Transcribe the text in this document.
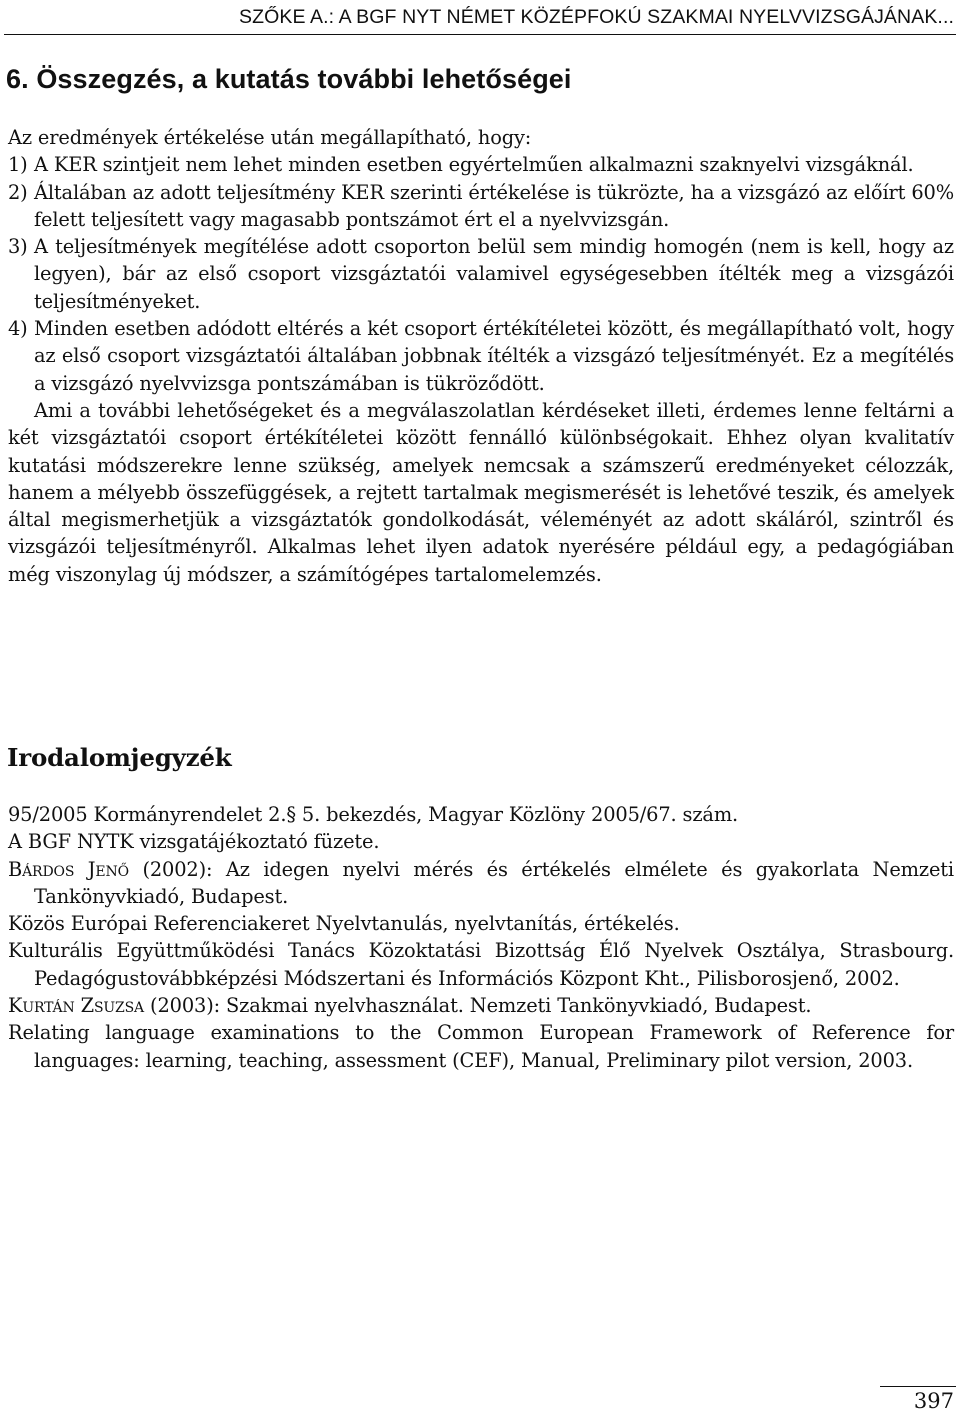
SZŐKE A.: A BGF NYT NÉMET KÖZÉPFOKÚ SZAKMAI NYELVVIZSGÁJÁNAK...
6. Összegzés, a kutatás további lehetőségei

Az eredmények értékelése után megállapítható, hogy:

1) A KER szintjeit nem lehet minden esetben egyértelműen alkalmazni szaknyelvi vizsgáknál.
2) Általában az adott teljesítmény KER szerinti értékelése is tükrözte, ha a vizsgázó az előírt 60% felett teljesített vagy magasabb pontszámot ért el a nyelvvizsgán.
3) A teljesítmények megítélése adott csoporton belül sem mindig homogén (nem is kell, hogy az legyen), bár az első csoport vizsgáztatói valamivel egységesebben ítélték meg a vizsgázói teljesítményeket.
4) Minden esetben adódott eltérés a két csoport értékítéletei között, és megállapítható volt, hogy az első csoport vizsgáztatói általában jobbnak ítélték a vizsgázó teljesítményét. Ez a megítélés a vizsgázó nyelvvizsga pontszámában is tükröződött.

Ami a további lehetőségeket és a megválaszolatlan kérdéseket illeti, érdemes lenne feltárni a két vizsgáztatói csoport értékítéletei között fennálló különbségokait. Ehhez olyan kvalitatív kutatási módszerekre lenne szükség, amelyek nemcsak a számszerű eredményeket célozzák, hanem a mélyebb összefüggések, a rejtett tartalmak megismerését is lehetővé teszik, és amelyek által megismerhetjük a vizsgáztatók gondolkodását, véleményét az adott skáláról, szintről és vizsgázói teljesítményről. Alkalmas lehet ilyen adatok nyerésére például egy, a pedagógiában még viszonylag új módszer, a számítógépes tartalomelemzés.

Irodalomjegyzék
95/2005 Kormányrendelet 2.§ 5. bekezdés, Magyar Közlöny 2005/67. szám.
A BGF NYTK vizsgatájékoztató füzete.
Bárdos Jenő (2002): Az idegen nyelvi mérés és értékelés elmélete és gyakorlata Nemzeti Tankönyvkiadó, Budapest.
Közös Európai Referenciakeret Nyelvtanulás, nyelvtanítás, értékelés.
Kulturális Együttműködési Tanács Közoktatási Bizottság Élő Nyelvek Osztálya, Strasbourg. Pedagógustovábbképzési Módszertani és Információs Központ Kht., Pilisborosjenő, 2002.
Kurtán Zsuzsa (2003): Szakmai nyelvhasználat. Nemzeti Tankönyvkiadó, Budapest.
Relating language examinations to the Common European Framework of Reference for languages: learning, teaching, assessment (CEF), Manual, Preliminary pilot version, 2003.
397
